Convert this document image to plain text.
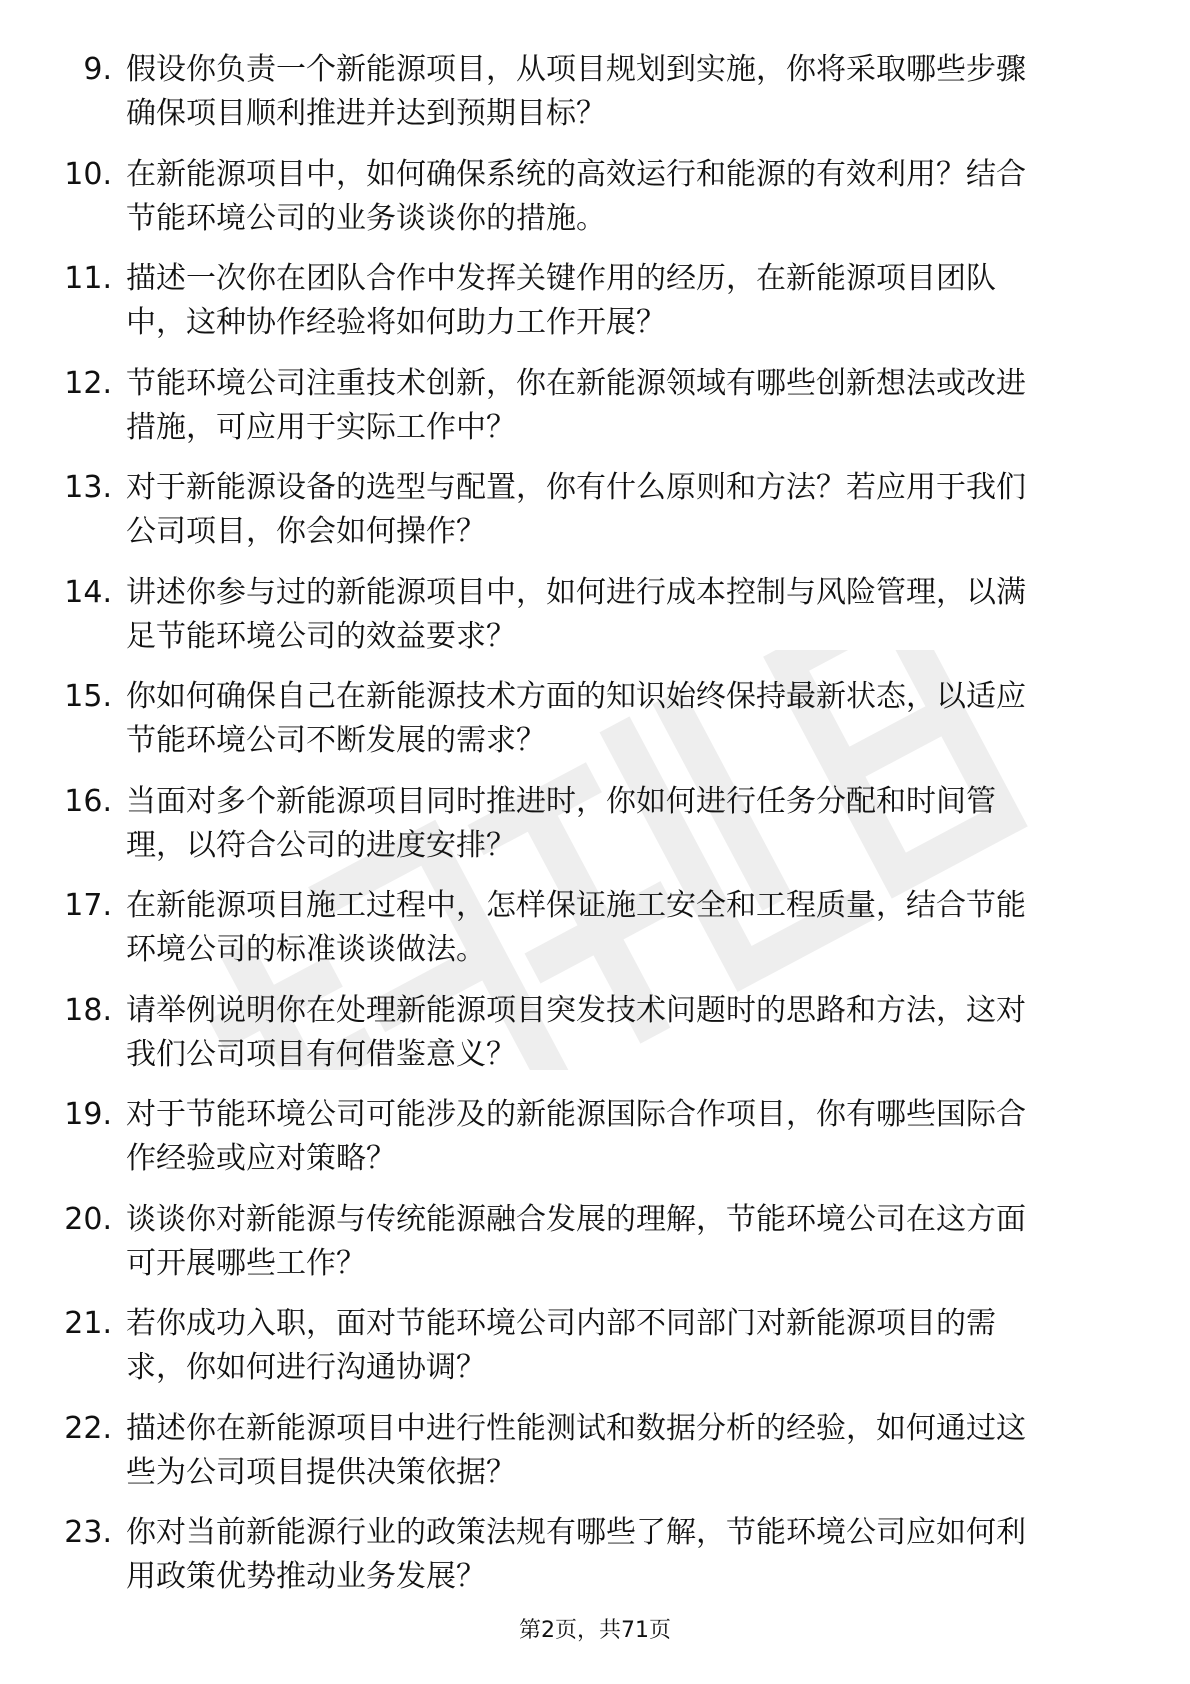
9. 假设你负责一个新能源项目，从项目规划到实施，你将采取哪些步骤确保项目顺利推进并达到预期目标？
10. 在新能源项目中，如何确保系统的高效运行和能源的有效利用？结合节能环境公司的业务谈谈你的措施。
11. 描述一次你在团队合作中发挥关键作用的经历，在新能源项目团队中，这种协作经验将如何助力工作开展？
12. 节能环境公司注重技术创新，你在新能源领域有哪些创新想法或改进措施，可应用于实际工作中？
13. 对于新能源设备的选型与配置，你有什么原则和方法？若应用于我们公司项目，你会如何操作？
14. 讲述你参与过的新能源项目中，如何进行成本控制与风险管理，以满足节能环境公司的效益要求？
15. 你如何确保自己在新能源技术方面的知识始终保持最新状态，以适应节能环境公司不断发展的需求？
16. 当面对多个新能源项目同时推进时，你如何进行任务分配和时间管理，以符合公司的进度安排？
17. 在新能源项目施工过程中，怎样保证施工安全和工程质量，结合节能环境公司的标准谈谈做法。
18. 请举例说明你在处理新能源项目突发技术问题时的思路和方法，这对我们公司项目有何借鉴意义？
19. 对于节能环境公司可能涉及的新能源国际合作项目，你有哪些国际合作经验或应对策略？
20. 谈谈你对新能源与传统能源融合发展的理解，节能环境公司在这方面可开展哪些工作？
21. 若你成功入职，面对节能环境公司内部不同部门对新能源项目的需求，你如何进行沟通协调？
22. 描述你在新能源项目中进行性能测试和数据分析的经验，如何通过这些为公司项目提供决策依据？
23. 你对当前新能源行业的政策法规有哪些了解，节能环境公司应如何利用政策优势推动业务发展？
第2页，共71页
